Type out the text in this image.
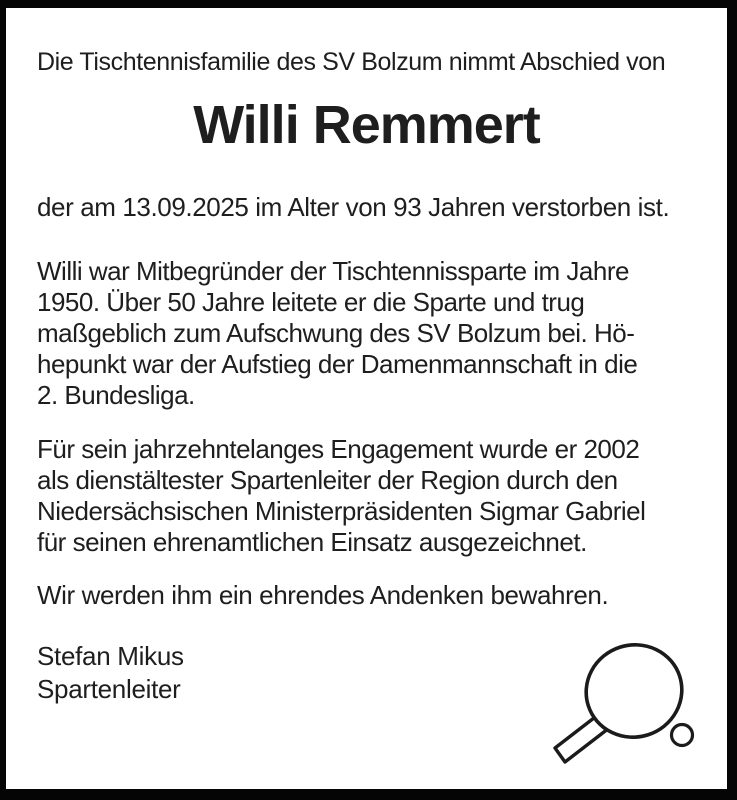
Die Tischtennisfamilie des SV Bolzum nimmt Abschied von
Willi Remmert
der am 13.09.2025 im Alter von 93 Jahren verstorben ist.
Willi war Mitbegründer der Tischtennissparte im Jahre
1950. Über 50 Jahre leitete er die Sparte und trug
maßgeblich zum Aufschwung des SV Bolzum bei. Hö-
hepunkt war der Aufstieg der Damenmannschaft in die
2. Bundesliga.
Für sein jahrzehntelanges Engagement wurde er 2002
als dienstältester Spartenleiter der Region durch den
Niedersächsischen Ministerpräsidenten Sigmar Gabriel
für seinen ehrenamtlichen Einsatz ausgezeichnet.
Wir werden ihm ein ehrendes Andenken bewahren.
Stefan Mikus
Spartenleiter
